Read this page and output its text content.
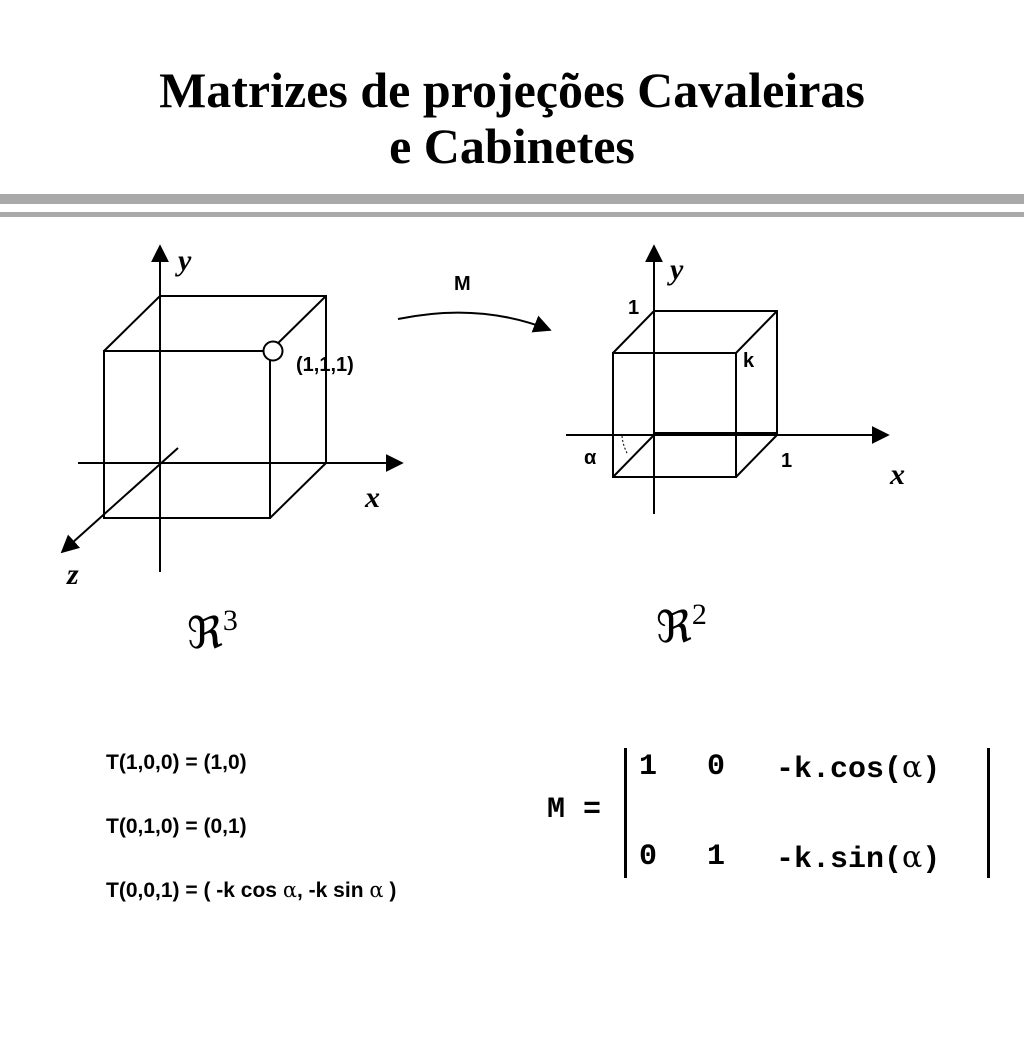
Matrizes de projeções Cavaleiras
e Cabinetes
y
x
z
(1,1,1)
ℜ3
M	y
x
1
1
k
α
ℜ2
T(1,0,0) = (1,0)
T(0,1,0) = (0,1)
T(0,0,1) = ( -k cos α, -k sin α )
M =
1 0 -k.cos(α)
0 1 -k.sin(α)
